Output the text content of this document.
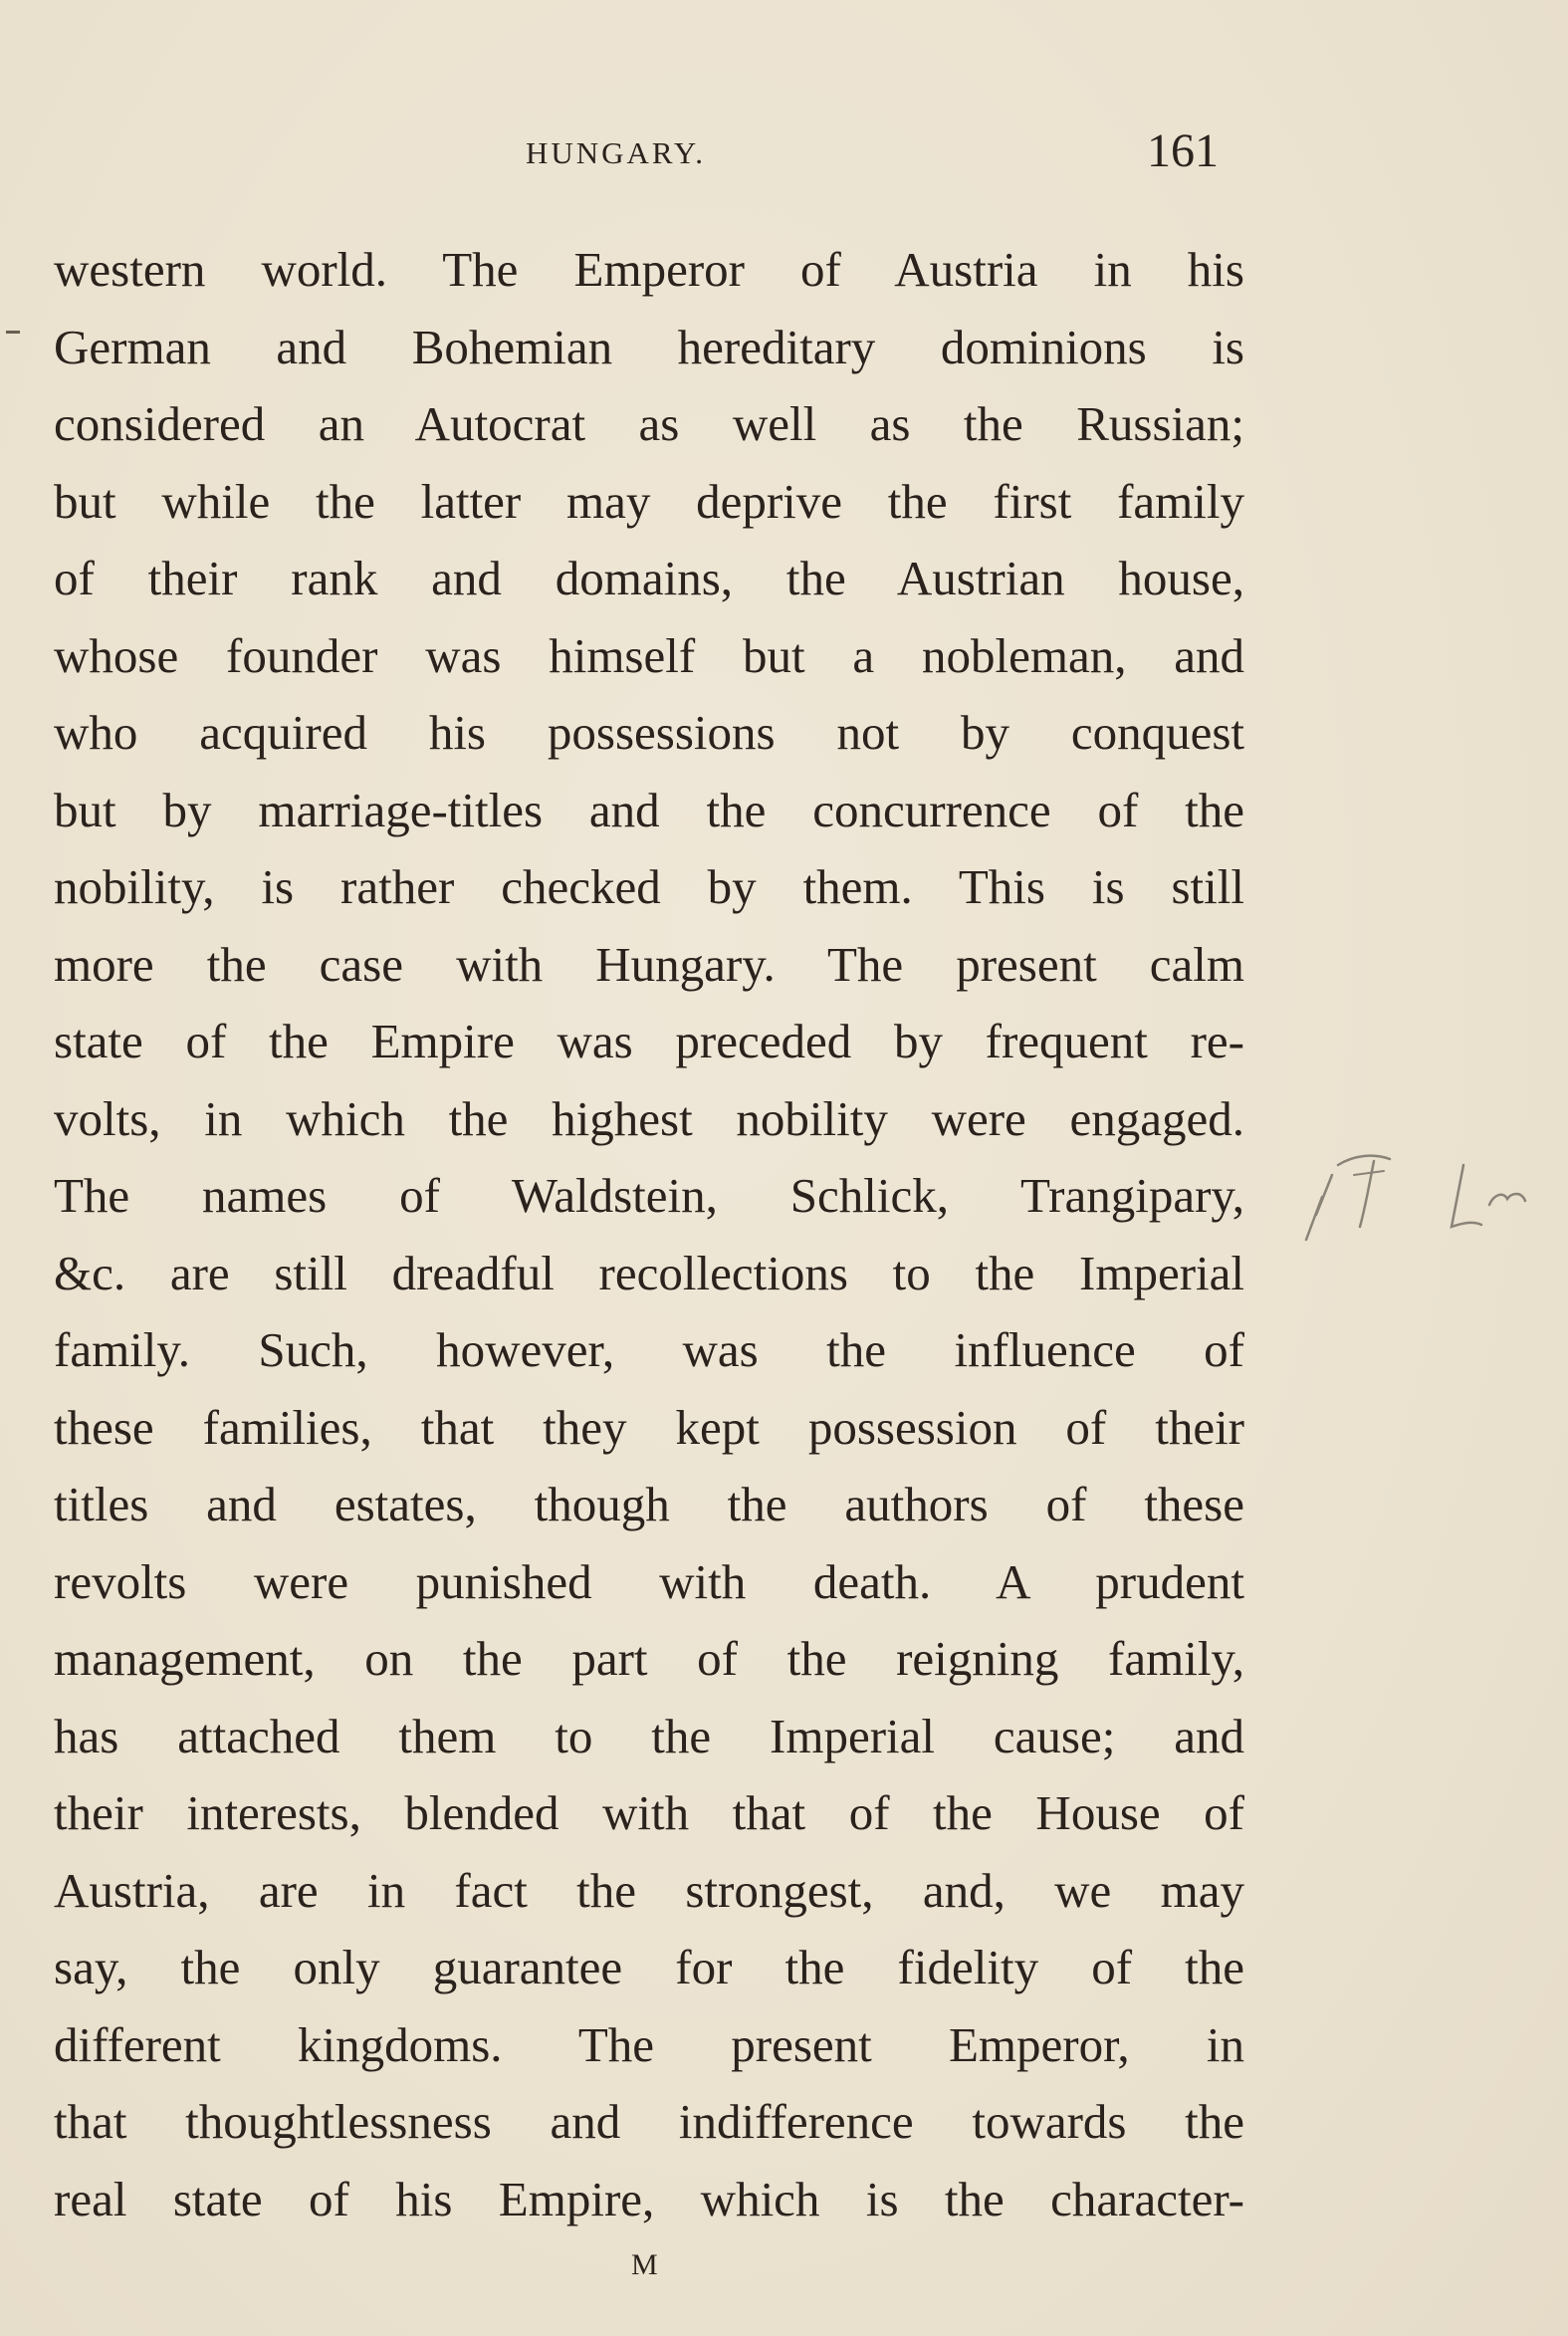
HUNGARY.	161
western world. The Emperor of Austria in his
German and Bohemian hereditary dominions is
considered an Autocrat as well as the Russian;
but while the latter may deprive the first family
of their rank and domains, the Austrian house,
whose founder was himself but a nobleman, and
who acquired his possessions not by conquest
but by marriage-titles and the concurrence of the
nobility, is rather checked by them. This is still
more the case with Hungary. The present calm
state of the Empire was preceded by frequent re-
volts, in which the highest nobility were engaged.
The names of Waldstein, Schlick, Trangipary,
&c. are still dreadful recollections to the Imperial
family. Such, however, was the influence of
these families, that they kept possession of their
titles and estates, though the authors of these
revolts were punished with death. A prudent
management, on the part of the reigning family,
has attached them to the Imperial cause; and
their interests, blended with that of the House of
Austria, are in fact the strongest, and, we may
say, the only guarantee for the fidelity of the
different kingdoms. The present Emperor, in
that thoughtlessness and indifference towards the
real state of his Empire, which is the character-
M
